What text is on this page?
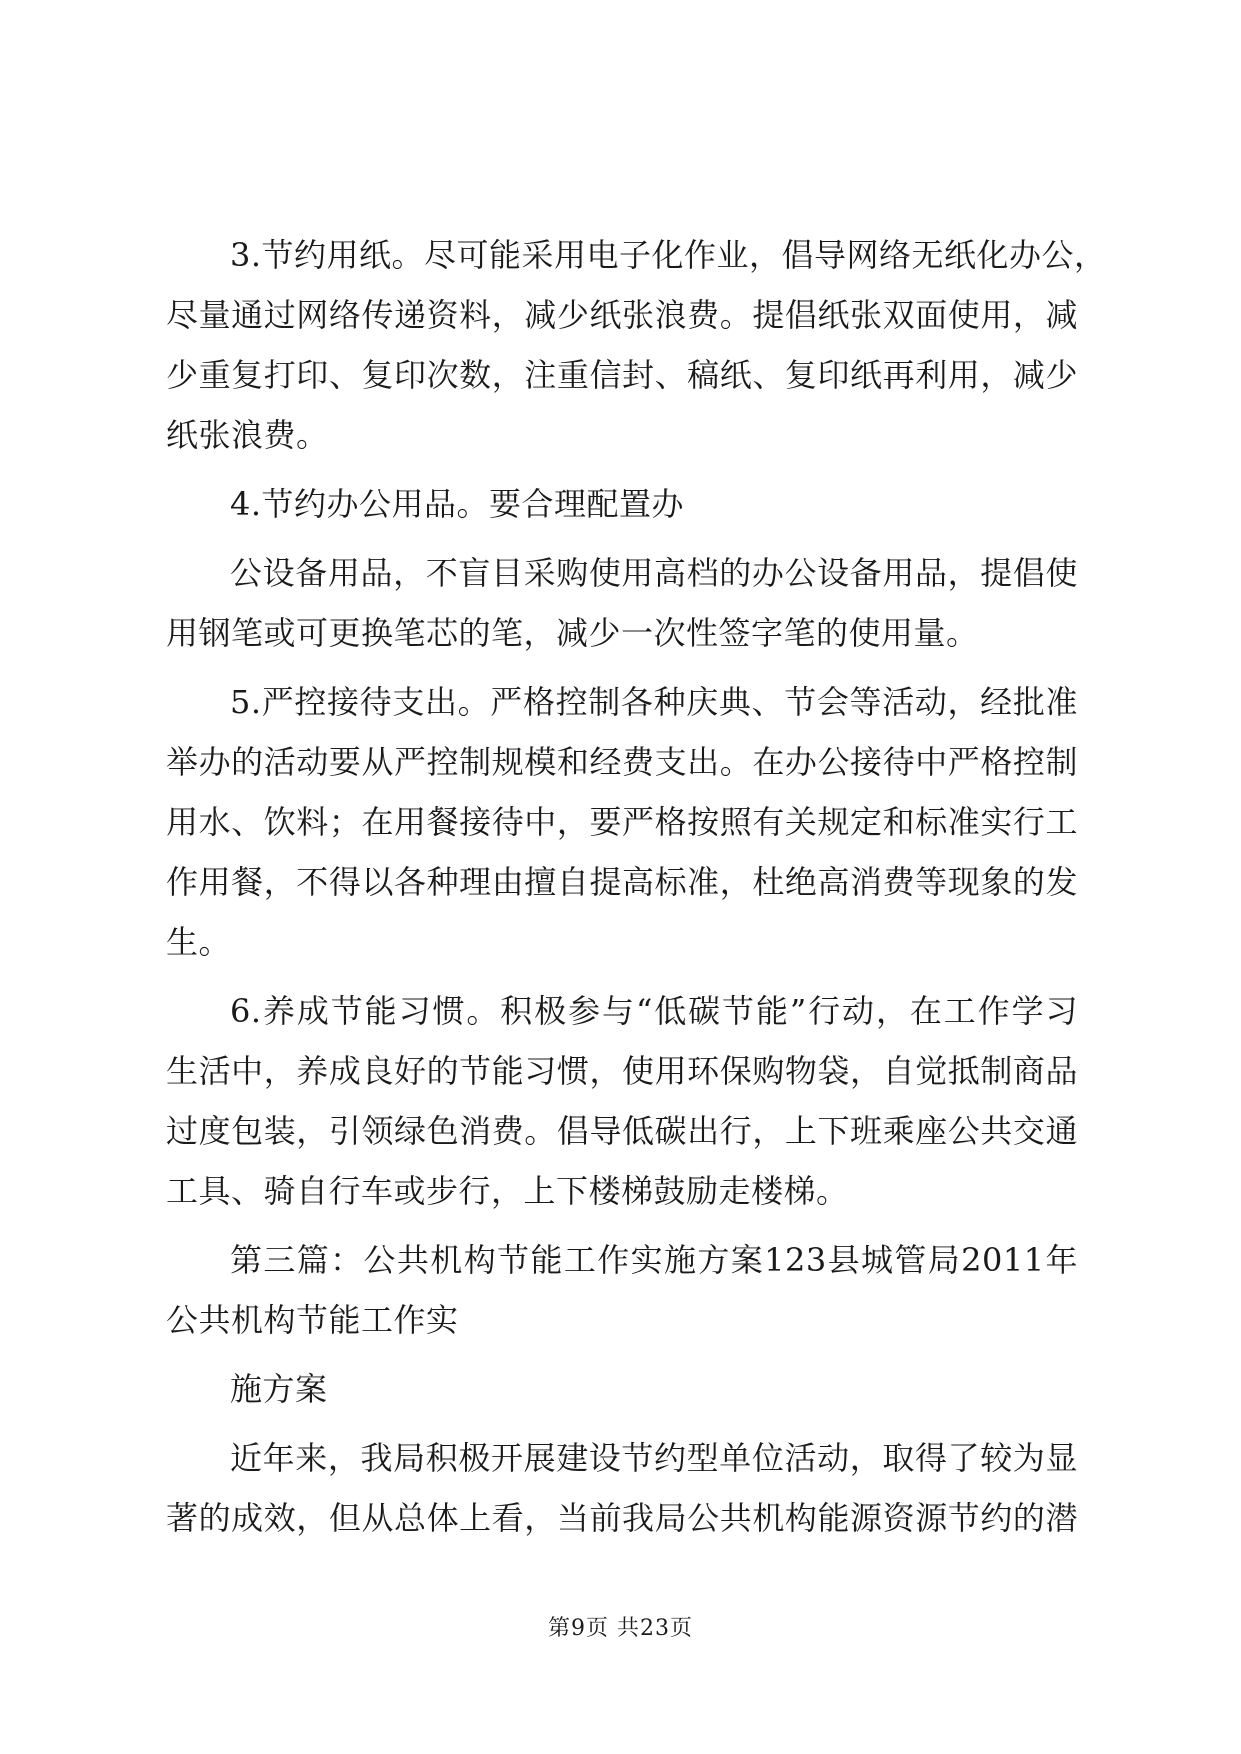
3.节约用纸。尽可能采用电子化作业，倡导网络无纸化办公，
尽量通过网络传递资料，减少纸张浪费。提倡纸张双面使用，减
少重复打印、复印次数，注重信封、稿纸、复印纸再利用，减少
纸张浪费。
4.节约办公用品。要合理配置办
公设备用品，不盲目采购使用高档的办公设备用品，提倡使
用钢笔或可更换笔芯的笔，减少一次性签字笔的使用量。
5.严控接待支出。严格控制各种庆典、节会等活动，经批准
举办的活动要从严控制规模和经费支出。在办公接待中严格控制
用水、饮料；在用餐接待中，要严格按照有关规定和标准实行工
作用餐，不得以各种理由擅自提高标准，杜绝高消费等现象的发
生。
6.养成节能习惯。积极参与“低碳节能”行动，在工作学习
生活中，养成良好的节能习惯，使用环保购物袋，自觉抵制商品
过度包装，引领绿色消费。倡导低碳出行，上下班乘座公共交通
工具、骑自行车或步行，上下楼梯鼓励走楼梯。
第三篇：公共机构节能工作实施方案123县城管局2011年
公共机构节能工作实
施方案
近年来，我局积极开展建设节约型单位活动，取得了较为显
著的成效，但从总体上看，当前我局公共机构能源资源节约的潜
第9页 共23页
